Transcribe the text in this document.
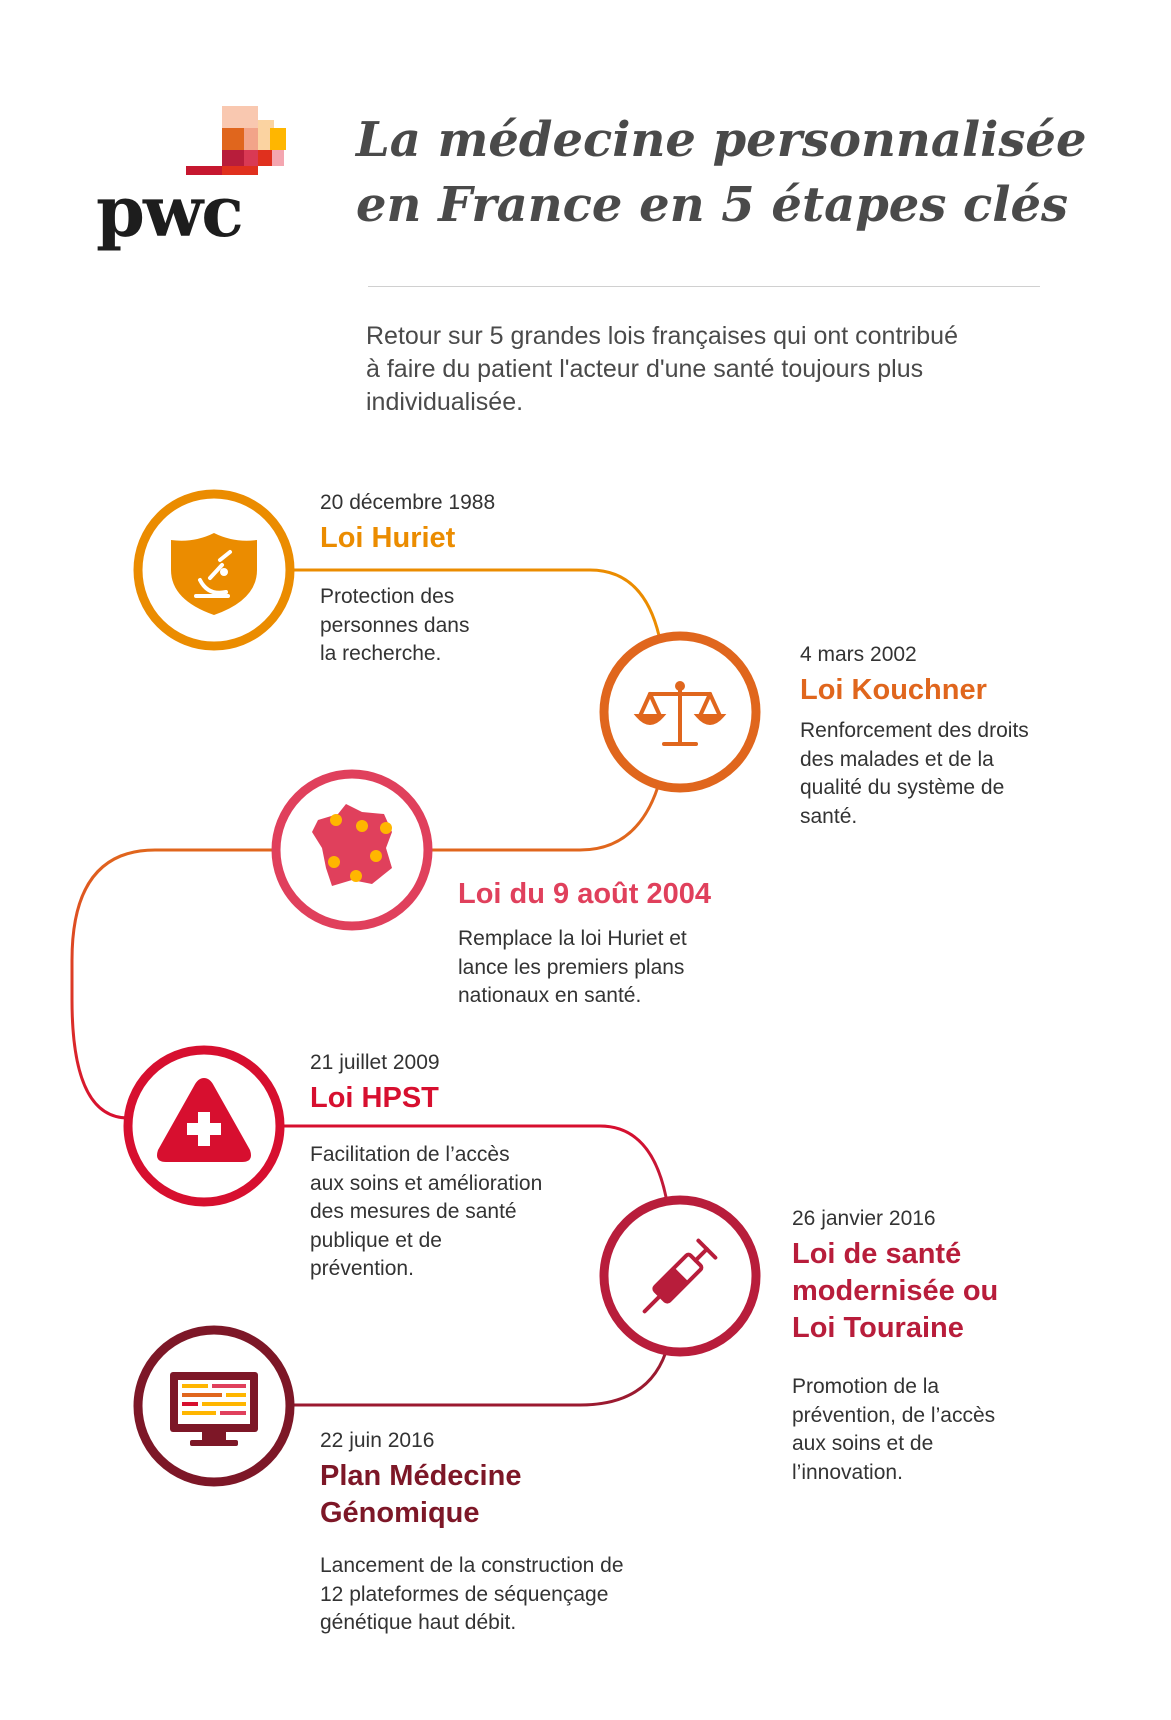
pwc
La médecine personnalisée
en France en 5 étapes clés
Retour sur 5 grandes lois françaises qui ont contribué
à faire du patient l'acteur d'une santé toujours plus
individualisée.
20 décembre 1988
Loi Huriet
Protection des
personnes dans
la recherche.	4 mars 2002
Loi Kouchner
Renforcement des droits
des malades et de la
qualité du système de
santé.
Loi du 9 août 2004
Remplace la loi Huriet et
lance les premiers plans
nationaux en santé.
21 juillet 2009
Loi HPST
Facilitation de l’accès
aux soins et amélioration
des mesures de santé
publique et de
prévention.
26 janvier 2016
Loi de santé
modernisée ou
Loi Touraine
Promotion de la
prévention, de l’accès
aux soins et de
l’innovation.
22 juin 2016
Plan Médecine
Génomique
Lancement de la construction de
12 plateformes de séquençage
génétique haut débit.
